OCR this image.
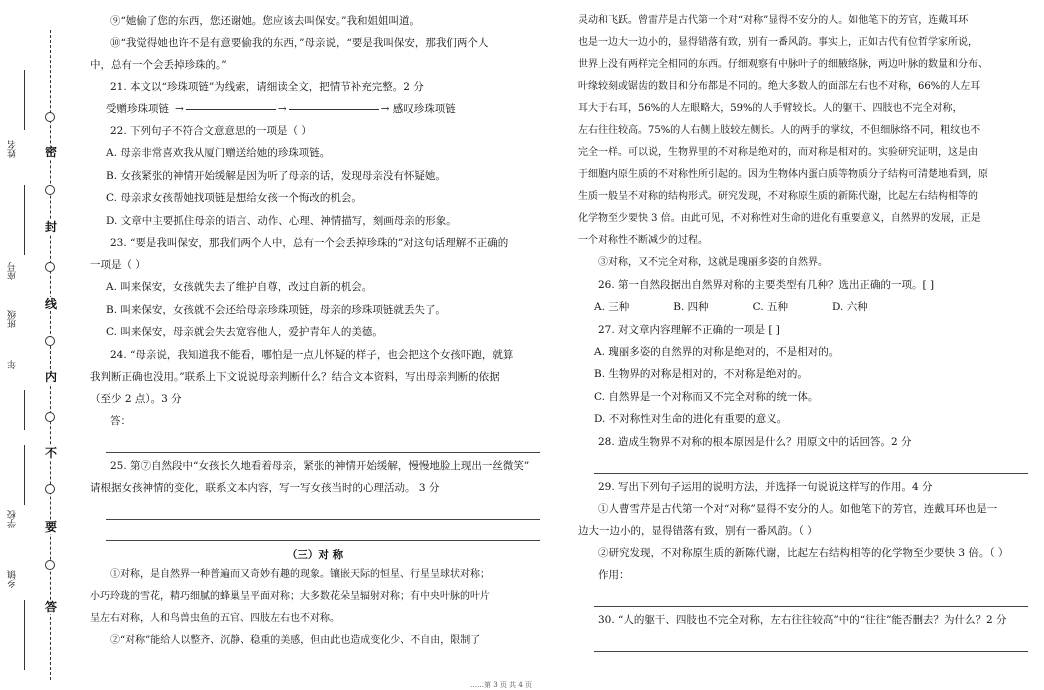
密
封
线
内
不
要
答
姓名
座号
班级
年
学校
乡镇

⑨“她偷了您的东西，您还谢她。您应该去叫保安。”我和姐姐叫道。

⑩“我觉得她也许不是有意要偷我的东西，”母亲说，“要是我叫保安，那我们两个人

中，总有一个会丢掉珍珠的。”

21. 本文以“珍珠项链”为线索，请细读全文，把情节补充完整。2 分

受赠珍珠项链 →	→	→ 感叹珍珠项链

22. 下列句子不符合文意意思的一项是（ ）

A. 母亲非常喜欢我从厦门赠送给她的珍珠项链。

B. 女孩紧张的神情开始缓解是因为听了母亲的话，发现母亲没有怀疑她。

C. 母亲求女孩帮她找项链是想给女孩一个悔改的机会。

D. 文章中主要抓住母亲的语言、动作、心理、神情描写，刻画母亲的形象。

23. “要是我叫保安，那我们两个人中，总有一个会丢掉珍珠的”对这句话理解不正确的

一项是（ ）

A. 叫来保安，女孩就失去了维护自尊，改过自新的机会。

B. 叫来保安，女孩就不会还给母亲珍珠项链，母亲的珍珠项链就丢失了。

C. 叫来保安，母亲就会失去宽容他人，爱护青年人的美德。

24. “母亲说，我知道我不能看，哪怕是一点儿怀疑的样子，也会把这个女孩吓跑，就算

我判断正确也没用。”联系上下文说说母亲判断什么？结合文本资料，写出母亲判断的依据

（至少 2 点）。3 分

答：

25. 第⑦自然段中“女孩长久地看着母亲，紧张的神情开始缓解，慢慢地脸上现出一丝微笑”

请根据女孩神情的变化，联系文本内容，写一写女孩当时的心理活动。 3 分

（三）对 称

①对称，是自然界一种普遍而又奇妙有趣的现象。镶嵌天际的恒星、行星呈球状对称；

小巧玲珑的雪花，精巧细腻的蜂巢呈平面对称；大多数花朵呈辐射对称；有中央叶脉的叶片

呈左右对称，人和鸟兽虫鱼的五官、四肢左右也不对称。

②“对称”能给人以整齐、沉静、稳重的美感，但由此也造成变化少、不自由，限制了

灵动和飞跃。曾雷芹是古代第一个对“对称”显得不安分的人。如他笔下的芳官，连戴耳环

也是一边大一边小的，显得错落有致，别有一番风韵。事实上，正如古代有位哲学家所说，

世界上没有两样完全相同的东西。仔细观察有中脉叶子的细腋络脉，两边叶脉的数量和分布、

叶缘较刻或锯齿的数目和分布都是不同的。绝大多数人的面部左右也不对称，66%的人左耳

耳大于右耳，56%的人左眼略大，59%的人手臂较长。人的躯干、四肢也不完全对称，

左右往往较高。75%的人右侧上肢较左侧长。人的两手的掌纹，不但细脉络不同，粗纹也不

完全一样。可以说，生物界里的不对称是绝对的，而对称是相对的。实验研究证明，这是由

于细胞内原生质的不对称性所引起的。因为生物体内蛋白质等物质分子结构可清楚地看到，原

生质一般呈不对称的结构形式。研究发现，不对称原生质的新陈代谢，比起左右结构相等的

化学物至少要快 3 倍。由此可见，不对称性对生命的进化有重要意义，自然界的发展，正是

一个对称性不断减少的过程。

③对称，又不完全对称，这就是瑰丽多姿的自然界。

26. 第一自然段据出自然界对称的主要类型有几种？选出正确的一项。[ ]

A. 三种	B. 四种	C. 五种	D. 六种

27. 对文章内容理解不正确的一项是 [ ]

A. 瑰丽多姿的自然界的对称是绝对的，不是相对的。

B. 生物界的对称是相对的，不对称是绝对的。

C. 自然界是一个对称而又不完全对称的统一体。

D. 不对称性对生命的进化有重要的意义。

28. 造成生物界不对称的根本原因是什么？用原文中的话回答。2 分

29. 写出下列句子运用的说明方法，并选择一句说说这样写的作用。4 分

①人曹雪芹是古代第一个对“对称”显得不安分的人。如他笔下的芳官，连戴耳环也是一

边大一边小的，显得错落有致，别有一番风韵。（ ）

②研究发现，不对称原生质的新陈代谢，比起左右结构相等的化学物至少要快 3 倍。（ ）

作用：

30. “人的躯干、四肢也不完全对称，左右往往较高”中的“往往”能否删去？为什么？2 分

……第 3 页 共 4 页
